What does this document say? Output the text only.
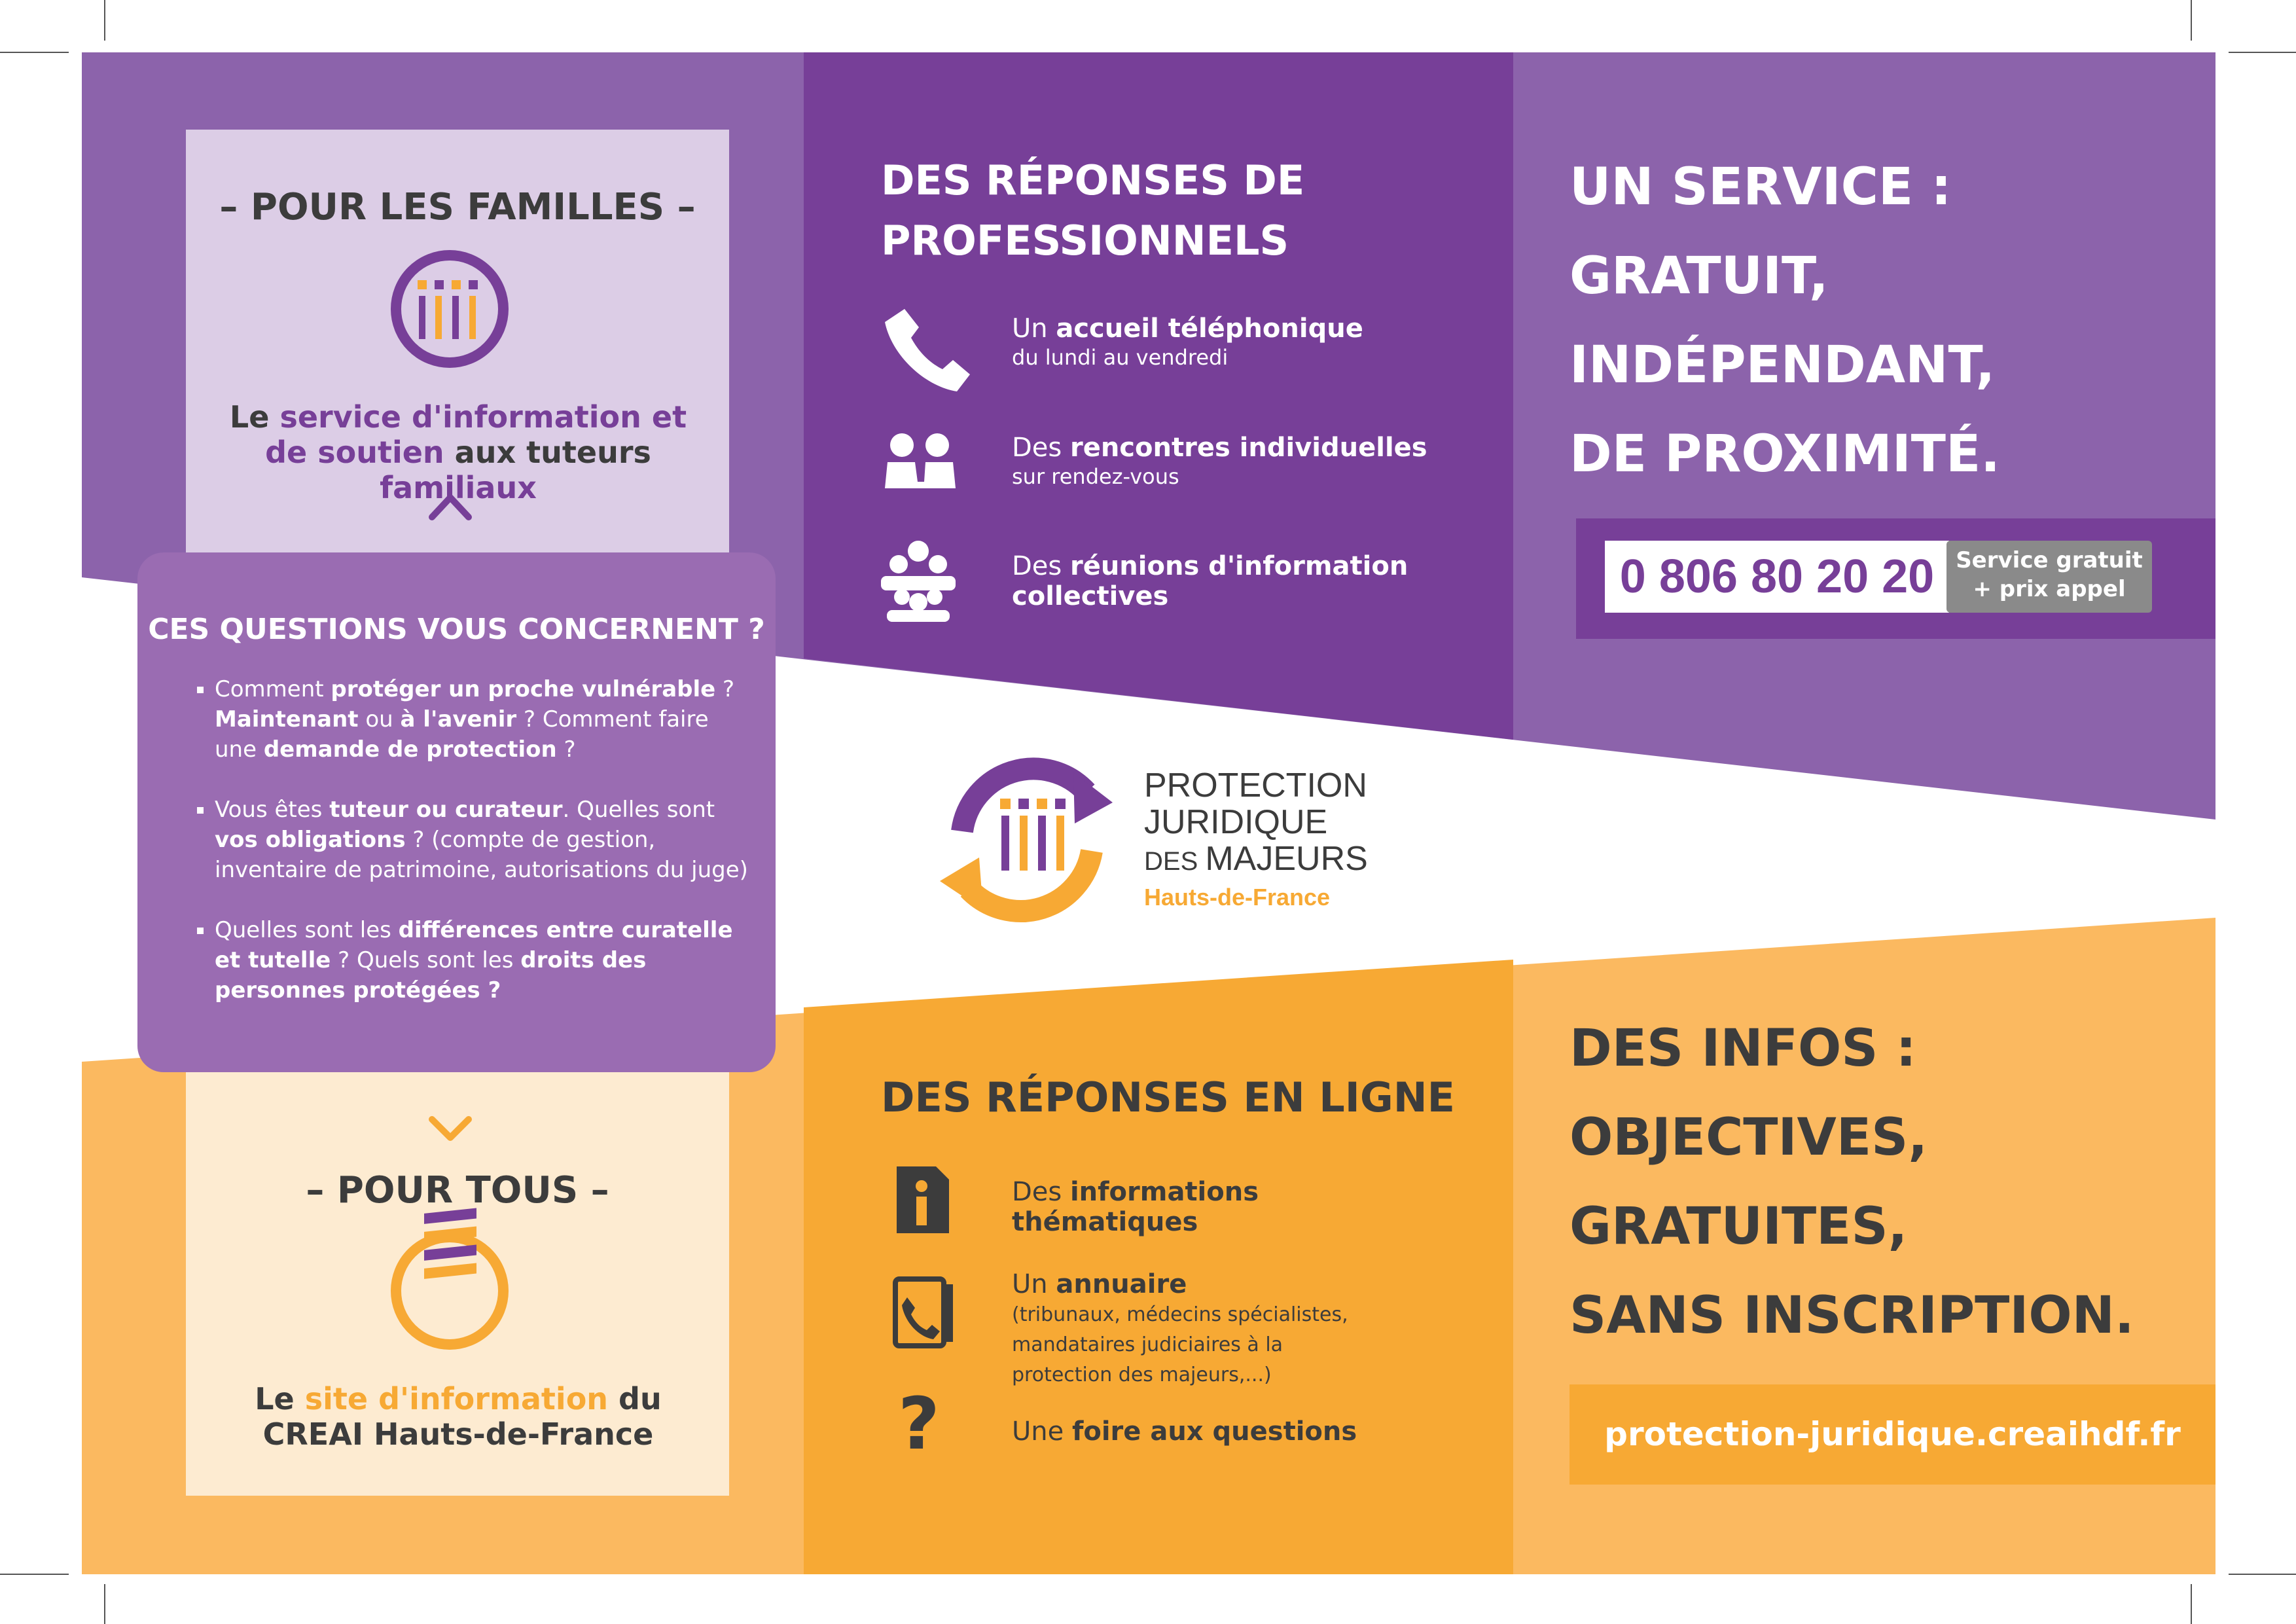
– POUR LES FAMILLES –
Le service d'information et de soutien aux tuteurs familiaux
CES QUESTIONS VOUS CONCERNENT ?
▪ Comment protéger un proche vulnérable ? Maintenant ou à l'avenir ? Comment faire une demande de protection ?
▪ Vous êtes tuteur ou curateur. Quelles sont vos obligations ? (compte de gestion, inventaire de patrimoine, autorisations du juge)
▪ Quelles sont les différences entre curatelle et tutelle ? Quels sont les droits des personnes protégées ?
– POUR TOUS –
Le site d'information du CREAI Hauts-de-France
DES RÉPONSES DE PROFESSIONNELS
Un accueil téléphonique
du lundi au vendredi
Des rencontres individuelles
sur rendez-vous
Des réunions d'information collectives
PROTECTION
JURIDIQUE
DES MAJEURS
Hauts-de-France
DES RÉPONSES EN LIGNE
Des informations thématiques
Un annuaire
(tribunaux, médecins spécialistes, mandataires judiciaires à la protection des majeurs,...)
?	Une foire aux questions
UN SERVICE :
GRATUIT,
INDÉPENDANT,
DE PROXIMITÉ.
0 806 80 20 20 Service gratuit
+ prix appel
DES INFOS :
OBJECTIVES,
GRATUITES,
SANS INSCRIPTION.
protection-juridique.creaihdf.fr
